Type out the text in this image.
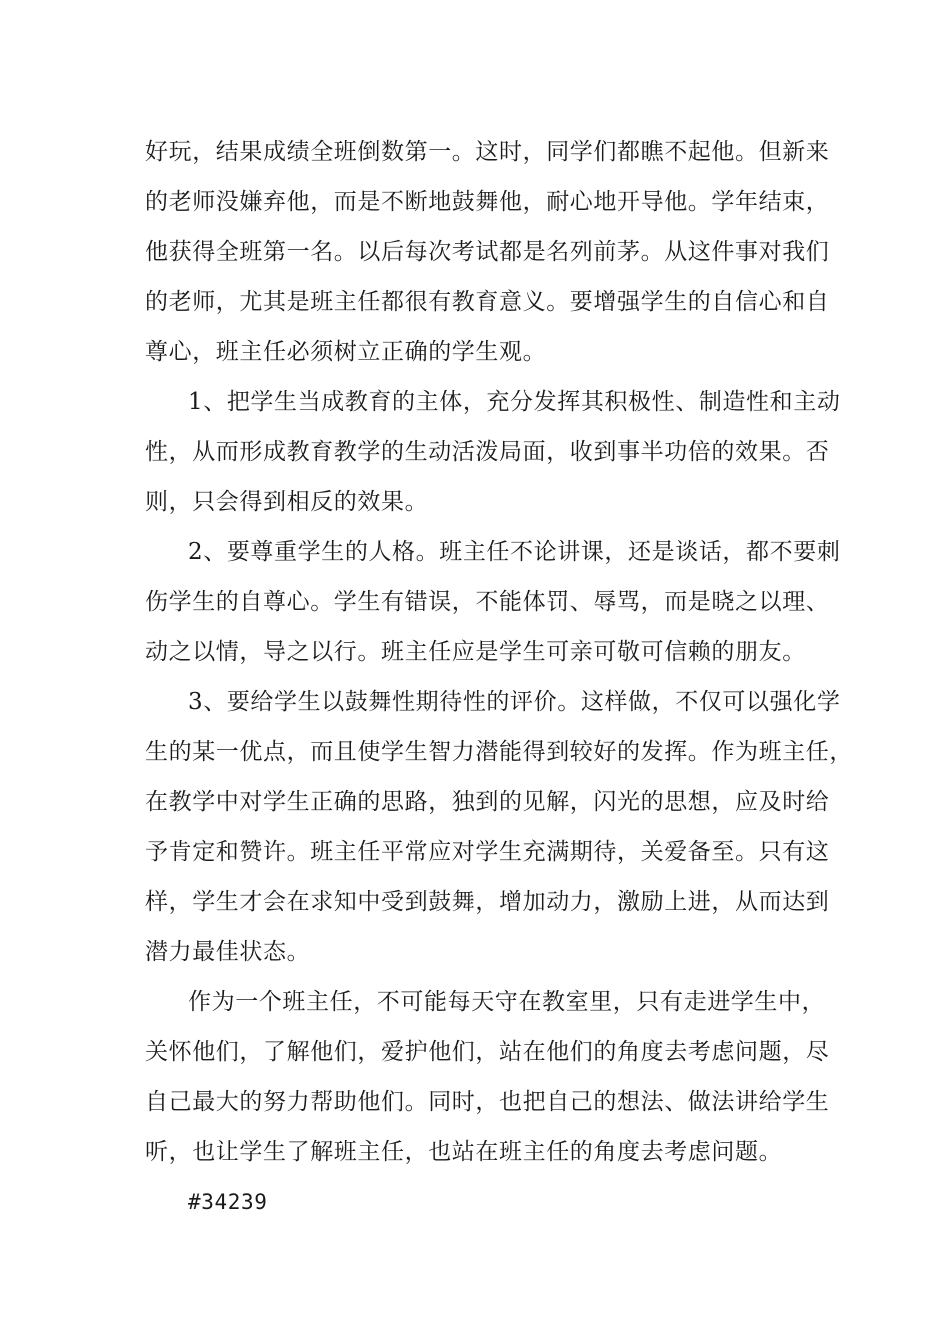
好玩，结果成绩全班倒数第一。这时，同学们都瞧不起他。但新来
的老师没嫌弃他，而是不断地鼓舞他，耐心地开导他。学年结束，
他获得全班第一名。以后每次考试都是名列前茅。从这件事对我们
的老师，尤其是班主任都很有教育意义。要增强学生的自信心和自
尊心，班主任必须树立正确的学生观。
1、把学生当成教育的主体，充分发挥其积极性、制造性和主动
性，从而形成教育教学的生动活泼局面，收到事半功倍的效果。否
则，只会得到相反的效果。
2、要尊重学生的人格。班主任不论讲课，还是谈话，都不要刺
伤学生的自尊心。学生有错误，不能体罚、辱骂，而是晓之以理、
动之以情，导之以行。班主任应是学生可亲可敬可信赖的朋友。
3、要给学生以鼓舞性期待性的评价。这样做，不仅可以强化学
生的某一优点，而且使学生智力潜能得到较好的发挥。作为班主任，
在教学中对学生正确的思路，独到的见解，闪光的思想，应及时给
予肯定和赞许。班主任平常应对学生充满期待，关爱备至。只有这
样，学生才会在求知中受到鼓舞，增加动力，激励上进，从而达到
潜力最佳状态。
作为一个班主任，不可能每天守在教室里，只有走进学生中，
关怀他们，了解他们，爱护他们，站在他们的角度去考虑问题，尽
自己最大的努力帮助他们。同时，也把自己的想法、做法讲给学生
听，也让学生了解班主任，也站在班主任的角度去考虑问题。
#34239
